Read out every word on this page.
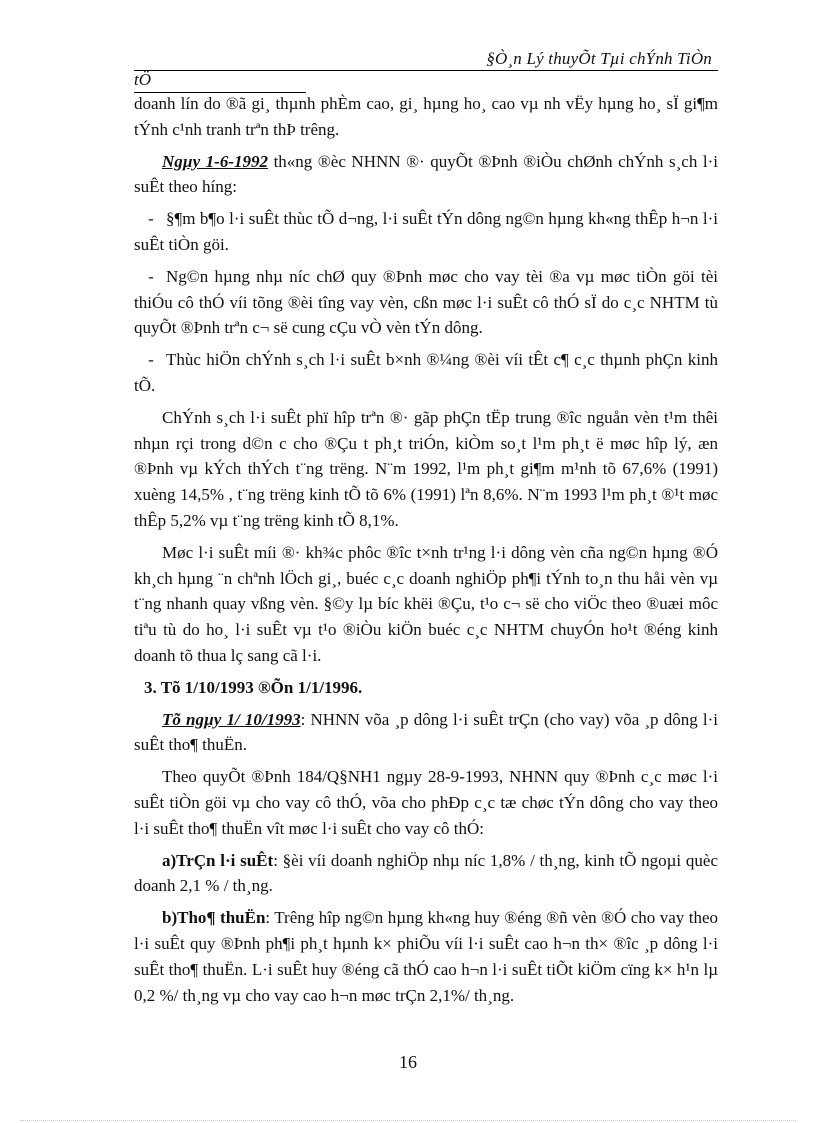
§Ò¸n Lý thuyÕt Tµi chÝnh TiÒn
tÖ

doanh lín do ®ã gi¸ thµnh phÈm cao, gi¸ hµng ho¸ cao vµ nh vËy hµng ho¸ sÏ gi¶m tÝnh c¹nh tranh trªn thÞ trêng.

Ngµy 1-6-1992 th«ng ®èc NHNN ®· quyÕt ®Þnh ®iÒu chØnh chÝnh s¸ch l·i suÊt theo híng:

- §¶m b¶o l·i suÊt thùc tÕ d¬ng, l·i suÊt tÝn dông ng©n hµng kh«ng thÊp h¬n l·i suÊt tiÒn göi.

- Ng©n hµng nhµ níc chØ quy ®Þnh møc cho vay tèi ®a vµ møc tiÒn göi tèi thiÓu cô thÓ víi tõng ®èi tîng vay vèn, cßn møc l·i suÊt cô thÓ sÏ do c¸c NHTM tù quyÕt ®Þnh trªn c¬ së cung cÇu vÒ vèn tÝn dông.

- Thùc hiÖn chÝnh s¸ch l·i suÊt b×nh ®¼ng ®èi víi tÊt c¶ c¸c thµnh phÇn kinh tÕ.

ChÝnh s¸ch l·i suÊt phï hîp trªn ®· gãp phÇn tËp trung ®îc nguån vèn t¹m thêi nhµn rçi trong d©n c cho ®Çu t ph¸t triÓn, kiÒm so¸t l¹m ph¸t ë møc hîp lý, æn ®Þnh vµ kÝch thÝch t¨ng trëng. N¨m 1992, l¹m ph¸t gi¶m m¹nh tõ 67,6% (1991) xuèng 14,5% , t¨ng trëng kinh tÕ tõ 6% (1991) lªn 8,6%. N¨m 1993 l¹m ph¸t ®¹t møc thÊp 5,2% vµ t¨ng trëng kinh tÕ 8,1%.

Møc l·i suÊt míi ®· kh¾c phôc ®îc t×nh tr¹ng l·i dông vèn cña ng©n hµng ®Ó kh¸ch hµng ¨n chªnh lÖch gi¸, buéc c¸c doanh nghiÖp ph¶i tÝnh to¸n thu håi vèn vµ t¨ng nhanh quay vßng vèn. §©y lµ bíc khëi ®Çu, t¹o c¬ së cho viÖc theo ®uæi môc tiªu tù do ho¸ l·i suÊt vµ t¹o ®iÒu kiÖn buéc c¸c NHTM chuyÓn ho¹t ®éng kinh doanh tõ thua lç sang cã l·i.

3. Tõ 1/10/1993 ®Õn 1/1/1996.

Tõ ngµy 1/ 10/1993: NHNN võa ¸p dông l·i suÊt trÇn (cho vay) võa ¸p dông l·i suÊt tho¶ thuËn.

Theo quyÕt ®Þnh 184/Q§NH1 ngµy 28-9-1993, NHNN quy ®Þnh c¸c møc l·i suÊt tiÒn göi vµ cho vay cô thÓ, võa cho phÐp c¸c tæ chøc tÝn dông cho vay theo l·i suÊt tho¶ thuËn vît møc l·i suÊt cho vay cô thÓ:

a)TrÇn l·i suÊt: §èi víi doanh nghiÖp nhµ níc 1,8% / th¸ng, kinh tÕ ngoµi quèc doanh 2,1 % / th¸ng.

b)Tho¶ thuËn: Trêng hîp ng©n hµng kh«ng huy ®éng ®ñ vèn ®Ó cho vay theo l·i suÊt quy ®Þnh ph¶i ph¸t hµnh k× phiÕu víi l·i suÊt cao h¬n th× ®îc ¸p dông l·i suÊt tho¶ thuËn. L·i suÊt huy ®éng cã thÓ cao h¬n l·i suÊt tiÕt kiÖm cïng k× h¹n lµ 0,2 %/ th¸ng vµ cho vay cao h¬n møc trÇn 2,1%/ th¸ng.

16
